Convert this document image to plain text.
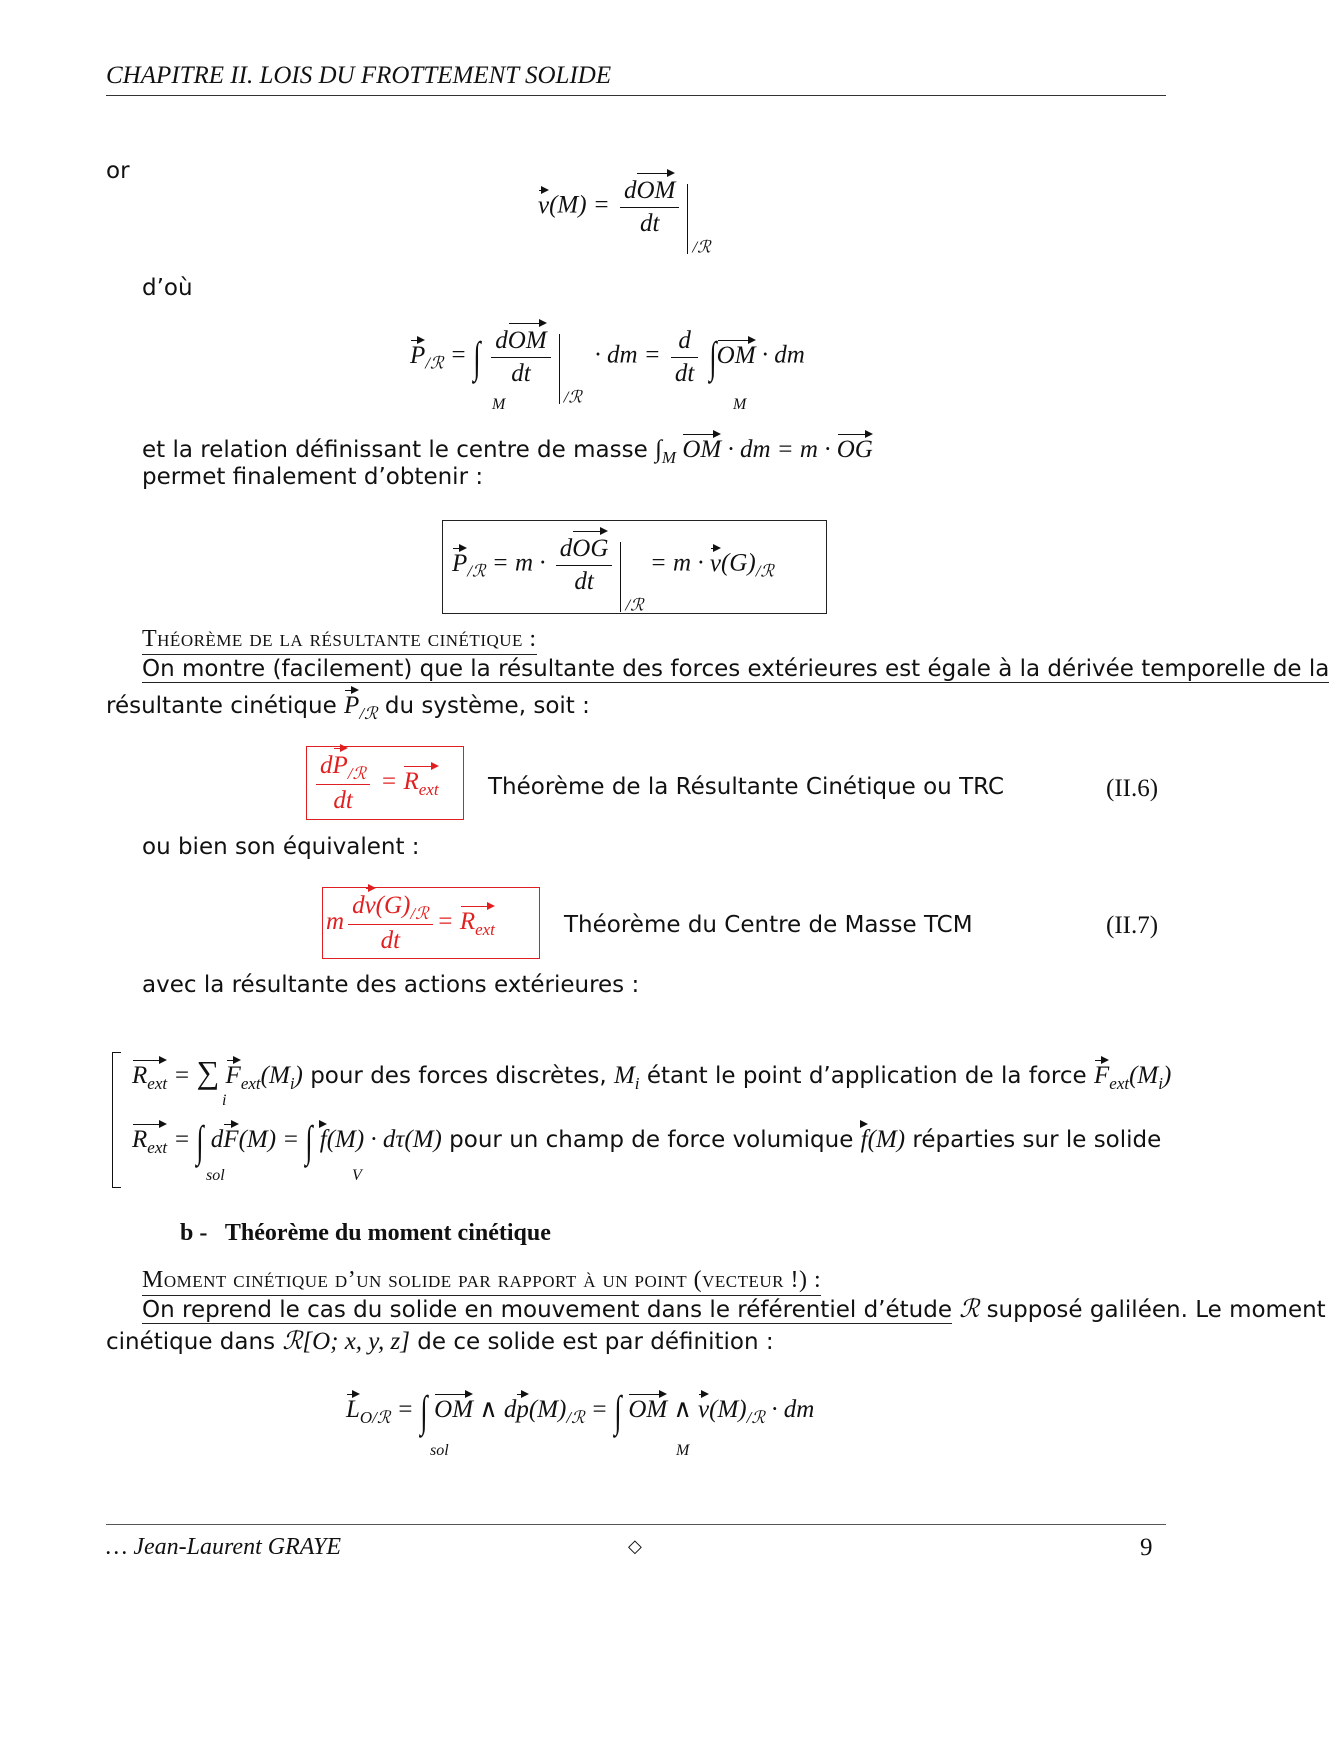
CHAPITRE II. LOIS DU FROTTEMENT SOLIDE
or
$v(M) = \frac{\text{dOM}}{dt}$
$_{/ℛ}$
d’où
$P_{/ℛ}$ = ∫ $\frac{\text{dOM}}{dt}$
$_{/ℛ}$  · dm = $\frac{d}{dt} \int OM$ · dm
M	M
et la relation définissant le centre de masse $\int_M$ OM · dm = m · OG
permet finalement d’obtenir :
$P_{/ℛ} = m \cdot \frac{\text{dOG}}{dt}$
$_{/ℛ} = m \cdot v(G)_{/ℛ}$
Théorème de la résultante cinétique :
On montre (facilement) que la résultante des forces extérieures est égale à la dérivée temporelle de la
résultante cinétique $P_{/ℛ}$ du système, soit :
$\frac{dP_{/ℛ}}{dt} = R_{ext}$ Théorème de la Résultante Cinétique ou TRC	(II.6)
ou bien son équivalent :
m $\frac{dv(G)_{/ℛ}}{dt} = R_{ext}$	Théorème du Centre de Masse TCM	(II.7)
avec la résultante des actions extérieures :
$R_{ext}$ = ∑ $F_{ext}(M_i)$ pour des forces discrètes, $M_i$ étant le point d’application de la force $F_{ext}(M_i)$
i
$R_{ext}$ = ∫ dF(M) = ∫ f(M) · dτ(M) pour un champ de force volumique f(M) réparties sur le solide
sol	V
b - Théorème du moment cinétique
Moment cinétique d’un solide par rapport à un point (vecteur !) :
On reprend le cas du solide en mouvement dans le référentiel d’étude ℛ supposé galiléen. Le moment
cinétique dans ℛ[O; x, y, z] de ce solide est par définition :
$L_{O/ℛ}$ = ∫ OM ∧ $dp(M)_{/ℛ}$ = ∫ OM ∧ $v(M)_{/ℛ}$ · dm
sol	M
… Jean-Laurent GRAYE	◇	9
